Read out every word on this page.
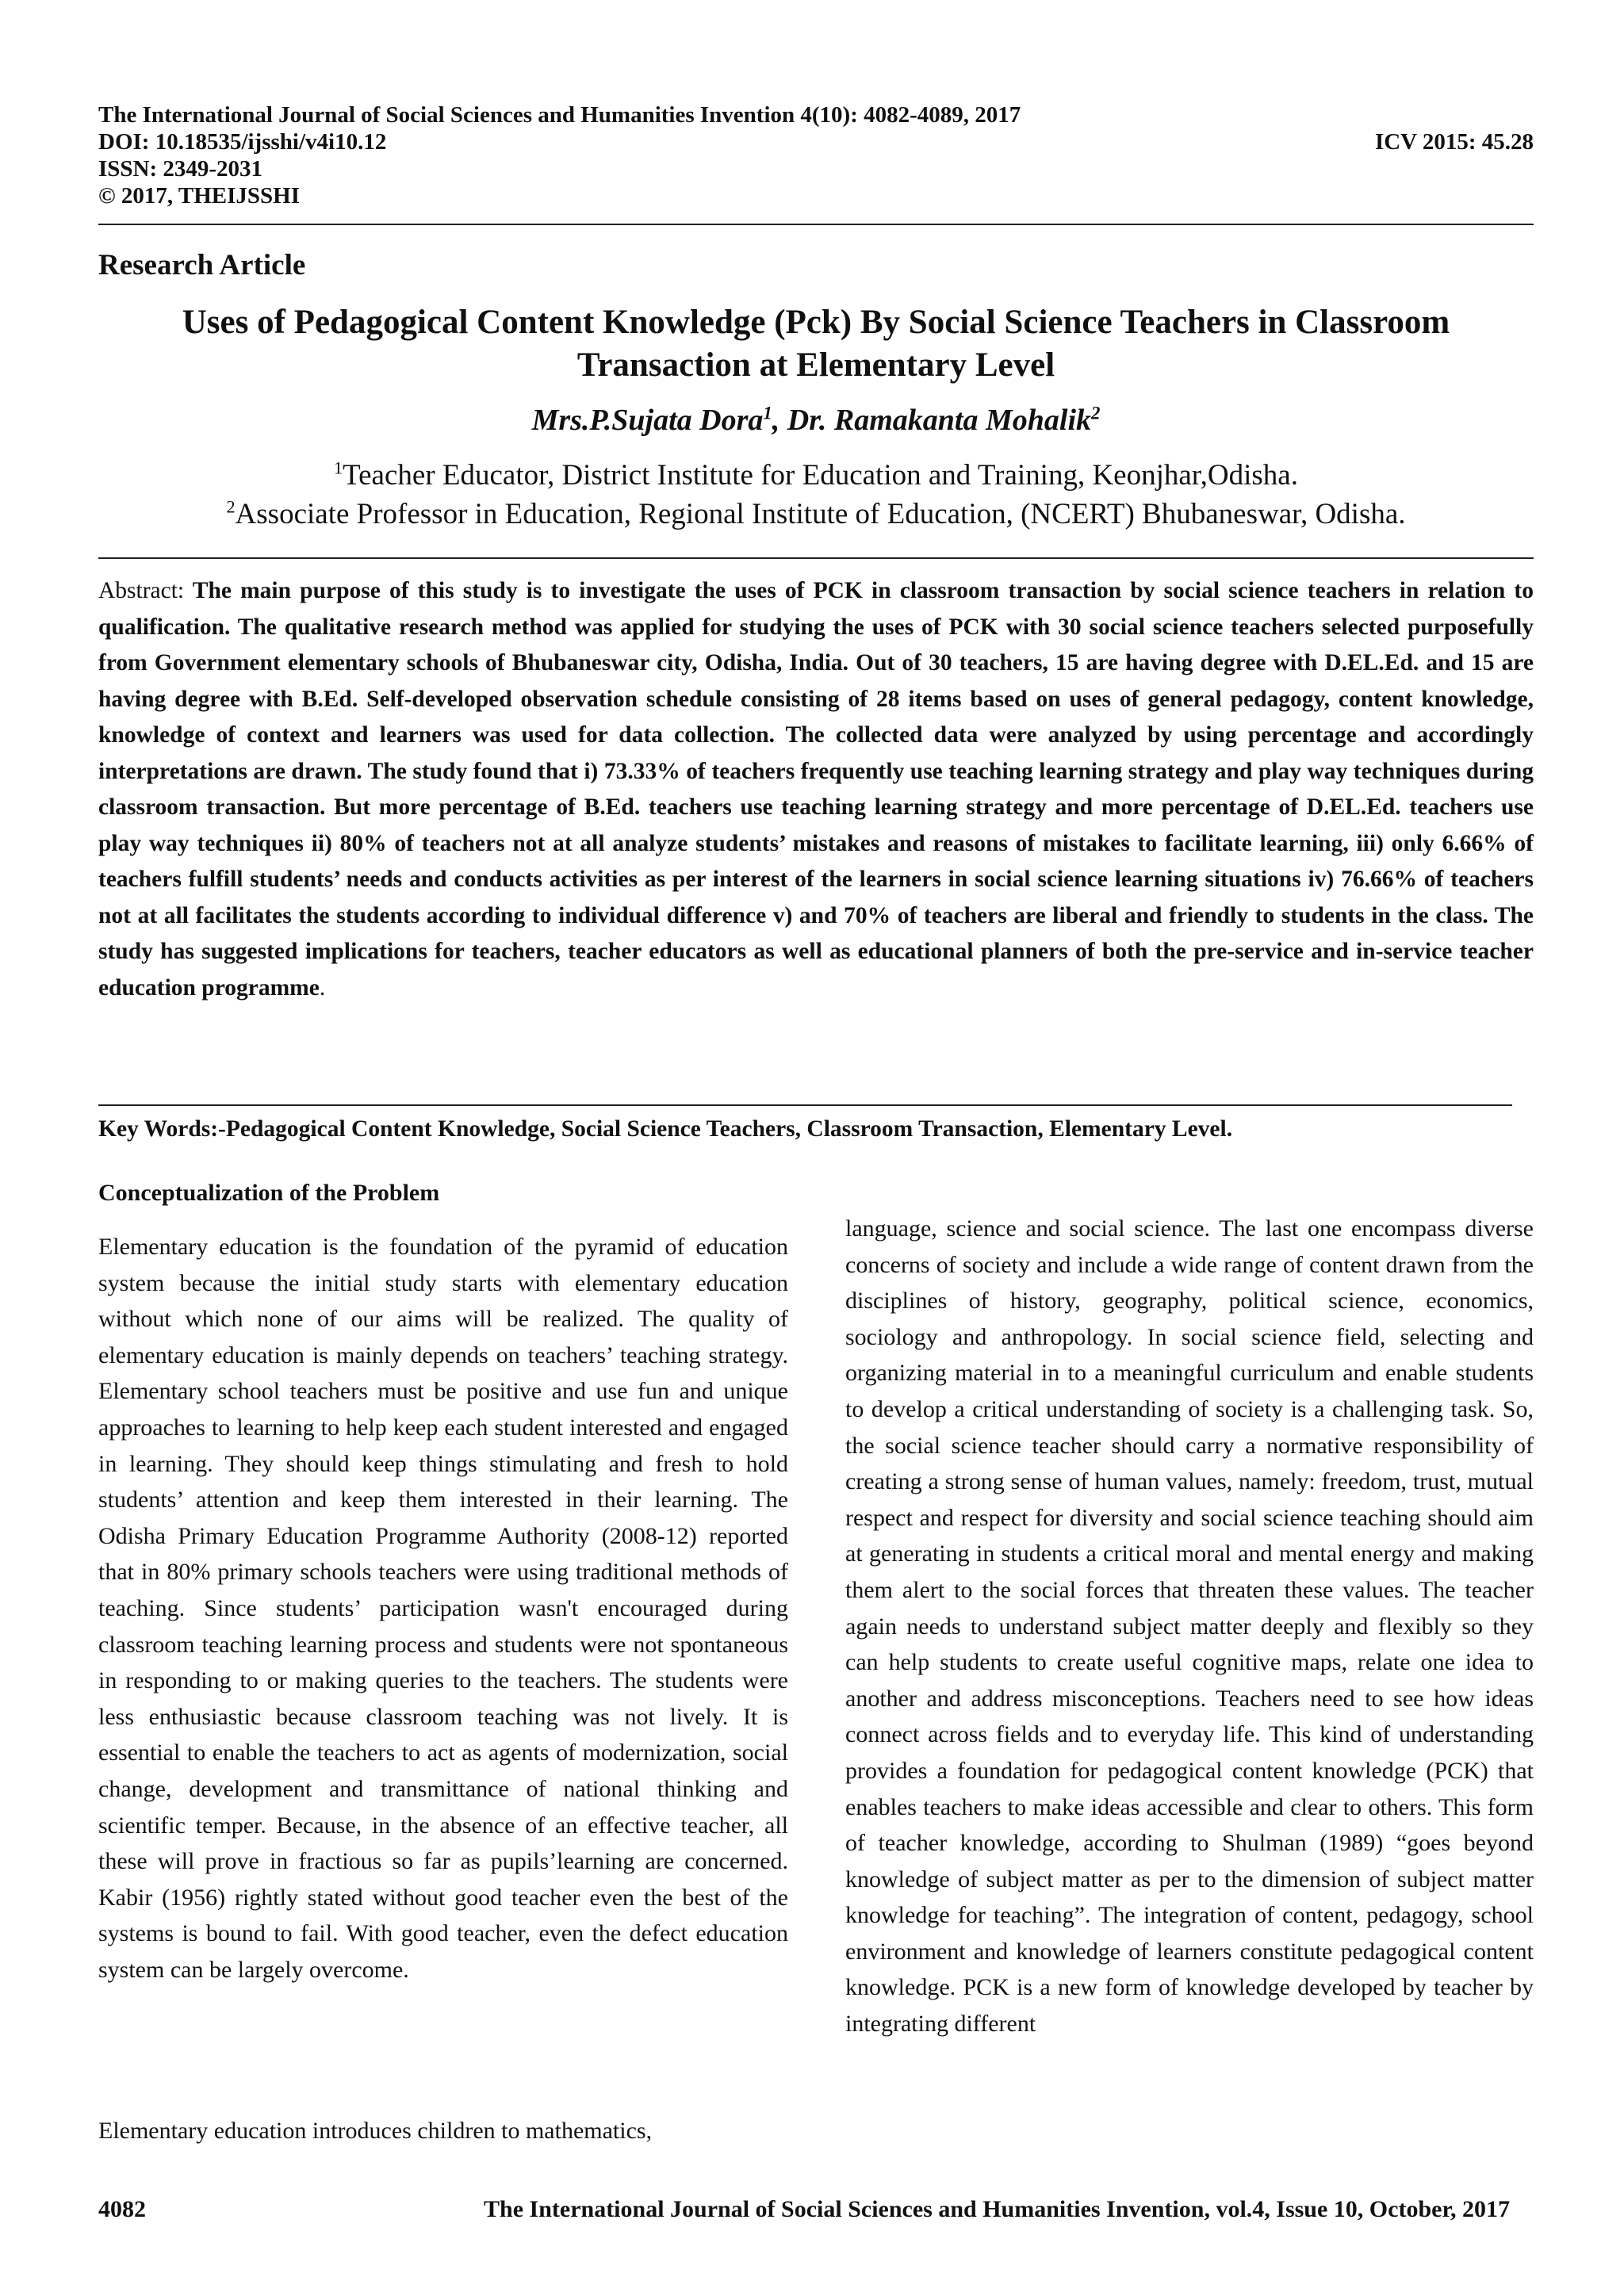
The International Journal of Social Sciences and Humanities Invention 4(10): 4082-4089, 2017
DOI: 10.18535/ijsshi/v4i10.12	ICV 2015: 45.28
ISSN: 2349-2031
© 2017, THEIJSSHI
Research Article
Uses of Pedagogical Content Knowledge (Pck) By Social Science Teachers in Classroom
Transaction at Elementary Level
Mrs.P.Sujata Dora$^1$, Dr. Ramakanta Mohalik$^2$
$^1$Teacher Educator, District Institute for Education and Training, Keonjhar,Odisha.
$^2$Associate Professor in Education, Regional Institute of Education, (NCERT) Bhubaneswar, Odisha.
Abstract: The main purpose of this study is to investigate the uses of PCK in classroom transaction by social science teachers in relation to qualification. The qualitative research method was applied for studying the uses of PCK with 30 social science teachers selected purposefully from Government elementary schools of Bhubaneswar city, Odisha, India. Out of 30 teachers, 15 are having degree with D.EL.Ed. and 15 are having degree with B.Ed. Self-developed observation schedule consisting of 28 items based on uses of general pedagogy, content knowledge, knowledge of context and learners was used for data collection. The collected data were analyzed by using percentage and accordingly interpretations are drawn. The study found that i) 73.33% of teachers frequently use teaching learning strategy and play way techniques during classroom transaction. But more percentage of B.Ed. teachers use teaching learning strategy and more percentage of D.EL.Ed. teachers use play way techniques ii) 80% of teachers not at all analyze students’ mistakes and reasons of mistakes to facilitate learning, iii) only 6.66% of teachers fulfill students’ needs and conducts activities as per interest of the learners in social science learning situations iv) 76.66% of teachers not at all facilitates the students according to individual difference v) and 70% of teachers are liberal and friendly to students in the class. The study has suggested implications for teachers, teacher educators as well as educational planners of both the pre-service and in-service teacher education programme.
Key Words:-Pedagogical Content Knowledge, Social Science Teachers, Classroom Transaction, Elementary Level.
Conceptualization of the Problem

Elementary education is the foundation of the pyramid of education system because the initial study starts with elementary education without which none of our aims will be realized. The quality of elementary education is mainly depends on teachers’ teaching strategy. Elementary school teachers must be positive and use fun and unique approaches to learning to help keep each student interested and engaged in learning. They should keep things stimulating and fresh to hold students’ attention and keep them interested in their learning. The Odisha Primary Education Programme Authority (2008-12) reported that in 80% primary schools teachers were using traditional methods of teaching. Since students’ participation wasn't encouraged during classroom teaching learning process and students were not spontaneous in responding to or making queries to the teachers. The students were less enthusiastic because classroom teaching was not lively. It is essential to enable the teachers to act as agents of modernization, social change, development and transmittance of national thinking and scientific temper. Because, in the absence of an effective teacher, all these will prove in fractious so far as pupils’learning are concerned. Kabir (1956) rightly stated without good teacher even the best of the systems is bound to fail. With good teacher, even the defect education system can be largely overcome.

Elementary education introduces children to mathematics,

language, science and social science. The last one encompass diverse concerns of society and include a wide range of content drawn from the disciplines of history, geography, political science, economics, sociology and anthropology. In social science field, selecting and organizing material in to a meaningful curriculum and enable students to develop a critical understanding of society is a challenging task. So, the social science teacher should carry a normative responsibility of creating a strong sense of human values, namely: freedom, trust, mutual respect and respect for diversity and social science teaching should aim at generating in students a critical moral and mental energy and making them alert to the social forces that threaten these values. The teacher again needs to understand subject matter deeply and flexibly so they can help students to create useful cognitive maps, relate one idea to another and address misconceptions. Teachers need to see how ideas connect across fields and to everyday life. This kind of understanding provides a foundation for pedagogical content knowledge (PCK) that enables teachers to make ideas accessible and clear to others. This form of teacher knowledge, according to Shulman (1989) “goes beyond knowledge of subject matter as per to the dimension of subject matter knowledge for teaching”. The integration of content, pedagogy, school environment and knowledge of learners constitute pedagogical content knowledge. PCK is a new form of knowledge developed by teacher by integrating different

4082	The International Journal of Social Sciences and Humanities Invention, vol.4, Issue 10, October, 2017
